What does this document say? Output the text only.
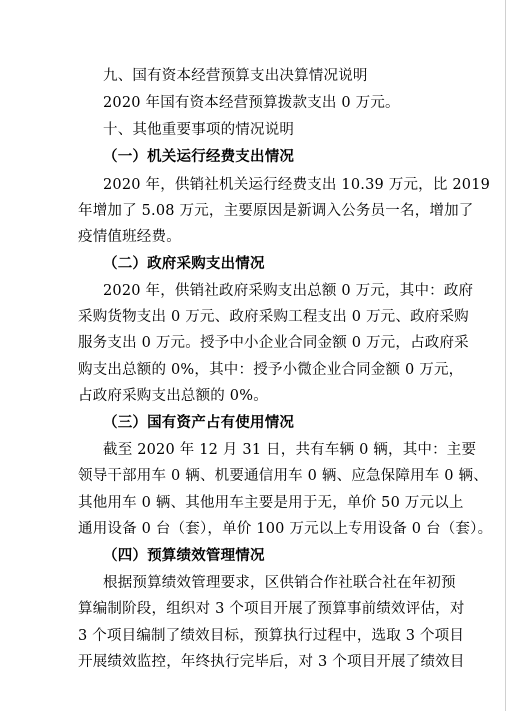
九、国有资本经营预算支出决算情况说明
2020 年国有资本经营预算拨款支出 0 万元。
十、其他重要事项的情况说明
（一）机关运行经费支出情况
2020 年，供销社机关运行经费支出 10.39 万元，比 2019
年增加了 5.08 万元，主要原因是新调入公务员一名，增加了
疫情值班经费。
（二）政府采购支出情况
2020 年，供销社政府采购支出总额 0 万元，其中：政府
采购货物支出 0 万元、政府采购工程支出 0 万元、政府采购
服务支出 0 万元。授予中小企业合同金额 0 万元，占政府采
购支出总额的 0%，其中：授予小微企业合同金额 0 万元，
占政府采购支出总额的 0%。
（三）国有资产占有使用情况
截至 2020 年 12 月 31 日，共有车辆 0 辆，其中：主要
领导干部用车 0 辆、机要通信用车 0 辆、应急保障用车 0 辆、
其他用车 0 辆、其他用车主要是用于无，单价 50 万元以上
通用设备 0 台（套），单价 100 万元以上专用设备 0 台（套）。
（四）预算绩效管理情况
根据预算绩效管理要求，区供销合作社联合社在年初预
算编制阶段，组织对 3 个项目开展了预算事前绩效评估，对
3 个项目编制了绩效目标，预算执行过程中，选取 3 个项目
开展绩效监控，年终执行完毕后，对 3 个项目开展了绩效目
